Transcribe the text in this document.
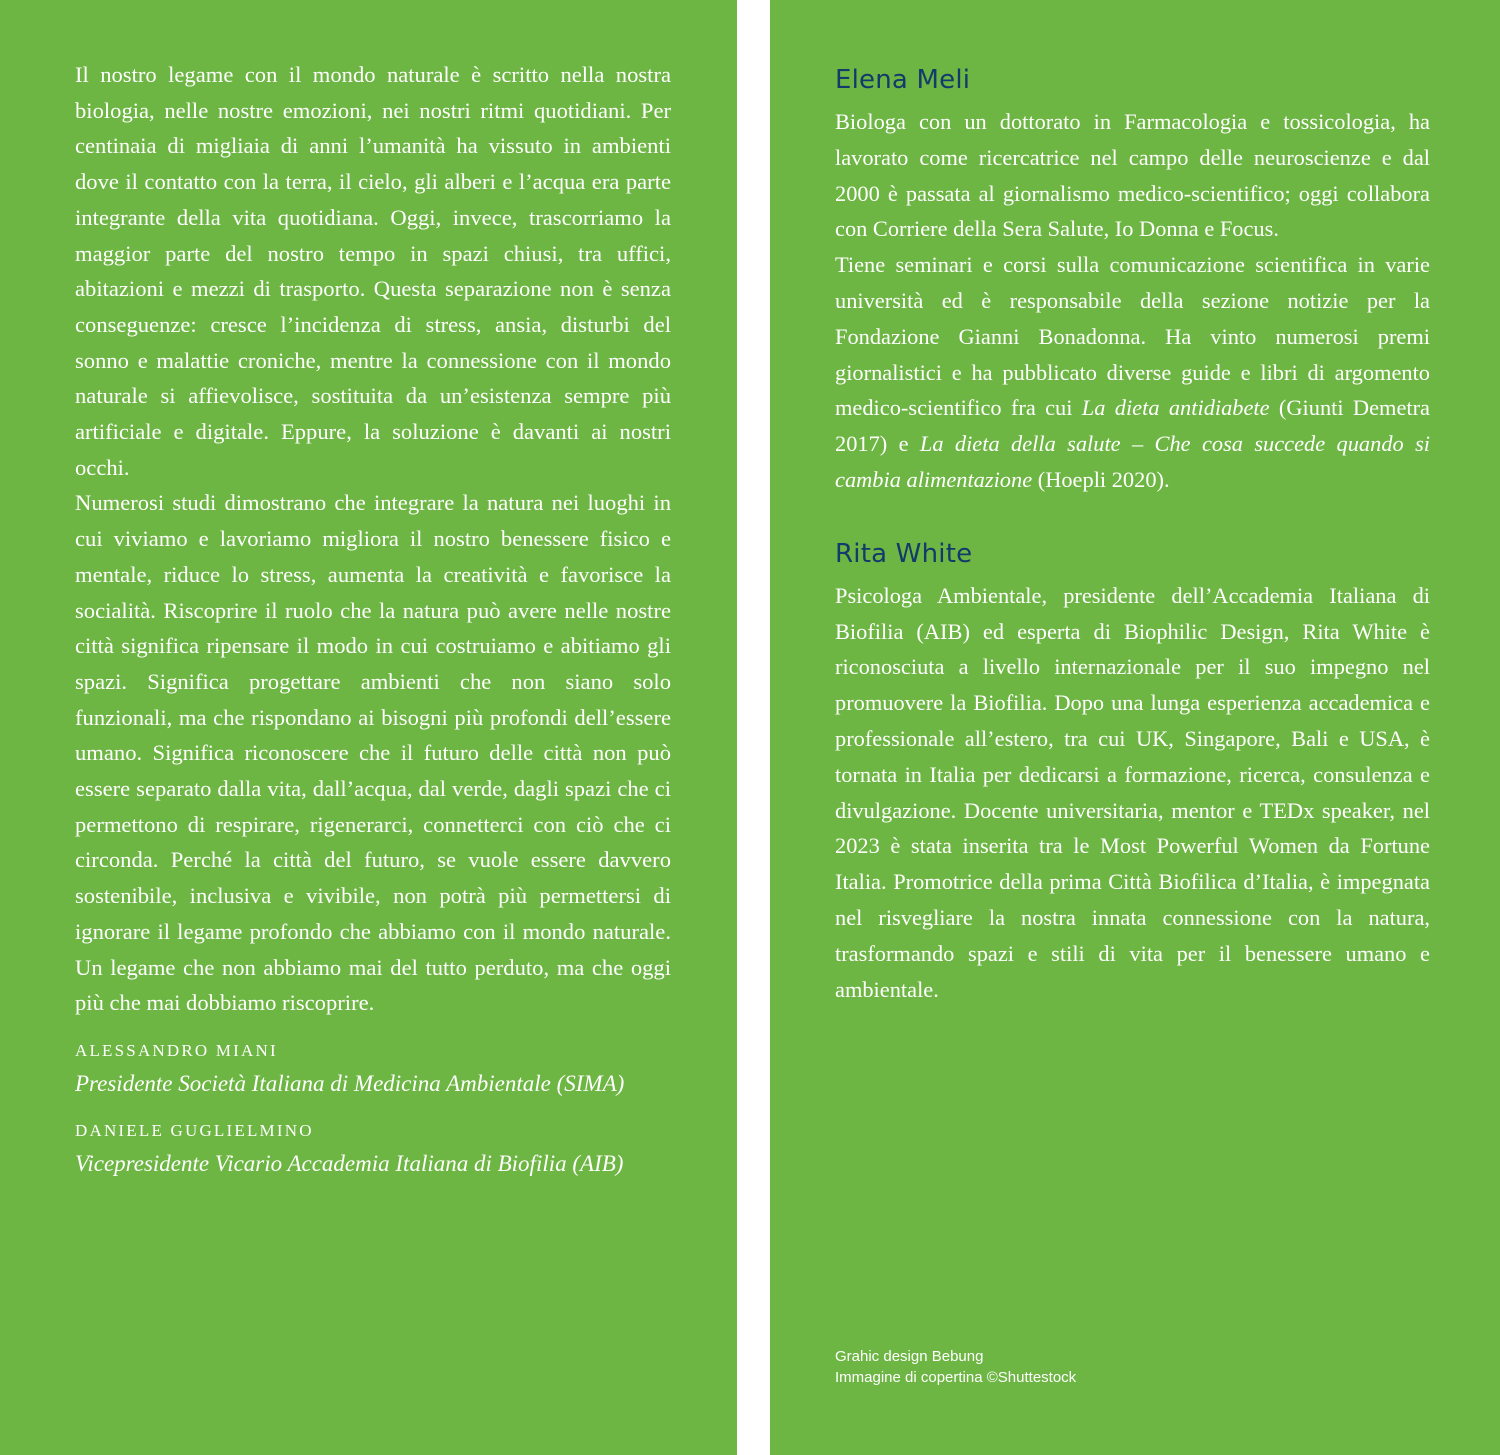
Il nostro legame con il mondo naturale è scritto nella nostra biologia, nelle nostre emozioni, nei nostri ritmi quotidiani. Per centinaia di migliaia di anni l’umanità ha vissuto in ambienti dove il contatto con la terra, il cielo, gli alberi e l’acqua era parte integrante della vita quotidiana. Oggi, invece, trascorriamo la maggior parte del nostro tempo in spazi chiusi, tra uffici, abitazioni e mezzi di trasporto. Questa separazione non è senza conseguenze: cresce l’incidenza di stress, ansia, disturbi del sonno e malattie croniche, mentre la connessione con il mondo naturale si affievolisce, sostituita da un’esistenza sempre più artificiale e digitale. Eppure, la soluzione è davanti ai nostri occhi.

Numerosi studi dimostrano che integrare la natura nei luoghi in cui viviamo e lavoriamo migliora il nostro benessere fisico e mentale, riduce lo stress, aumenta la creatività e favorisce la socialità. Riscoprire il ruolo che la natura può avere nelle nostre città significa ripensare il modo in cui costruiamo e abitiamo gli spazi. Significa progettare ambienti che non siano solo funzionali, ma che rispondano ai bisogni più profondi dell’essere umano. Significa riconoscere che il futuro delle città non può essere separato dalla vita, dall’acqua, dal verde, dagli spazi che ci permettono di respirare, rigenerarci, connetterci con ciò che ci circonda. Perché la città del futuro, se vuole essere davvero sostenibile, inclusiva e vivibile, non potrà più permettersi di ignorare il legame profondo che abbiamo con il mondo naturale. Un legame che non abbiamo mai del tutto perduto, ma che oggi più che mai dobbiamo riscoprire.

ALESSANDRO MIANI

Presidente Società Italiana di Medicina Ambientale (SIMA)

DANIELE GUGLIELMINO

Vicepresidente Vicario Accademia Italiana di Biofilia (AIB)

Elena Meli

Biologa con un dottorato in Farmacologia e tossicologia, ha lavorato come ricercatrice nel campo delle neuroscienze e dal 2000 è passata al giornalismo medico-scientifico; oggi collabora con Corriere della Sera Salute, Io Donna e Focus.
Tiene seminari e corsi sulla comunicazione scientifica in varie università ed è responsabile della sezione notizie per la Fondazione Gianni Bonadonna. Ha vinto numerosi premi giornalistici e ha pubblicato diverse guide e libri di argomento medico-scientifico fra cui La dieta antidiabete (Giunti Demetra 2017) e La dieta della salute – Che cosa succede quando si cambia alimentazione (Hoepli 2020).

Rita White

Psicologa Ambientale, presidente dell’Accademia Italiana di Biofilia (AIB) ed esperta di Biophilic Design, Rita White è riconosciuta a livello internazionale per il suo impegno nel promuovere la Biofilia. Dopo una lunga esperienza accademica e professionale all’estero, tra cui UK, Singapore, Bali e USA, è tornata in Italia per dedicarsi a formazione, ricerca, consulenza e divulgazione. Docente universitaria, mentor e TEDx speaker, nel 2023 è stata inserita tra le Most Powerful Women da Fortune Italia. Promotrice della prima Città Biofilica d’Italia, è impegnata nel risvegliare la nostra innata connessione con la natura, trasformando spazi e stili di vita per il benessere umano e ambientale.

Grahic design Bebung

Immagine di copertina ©Shuttestock
